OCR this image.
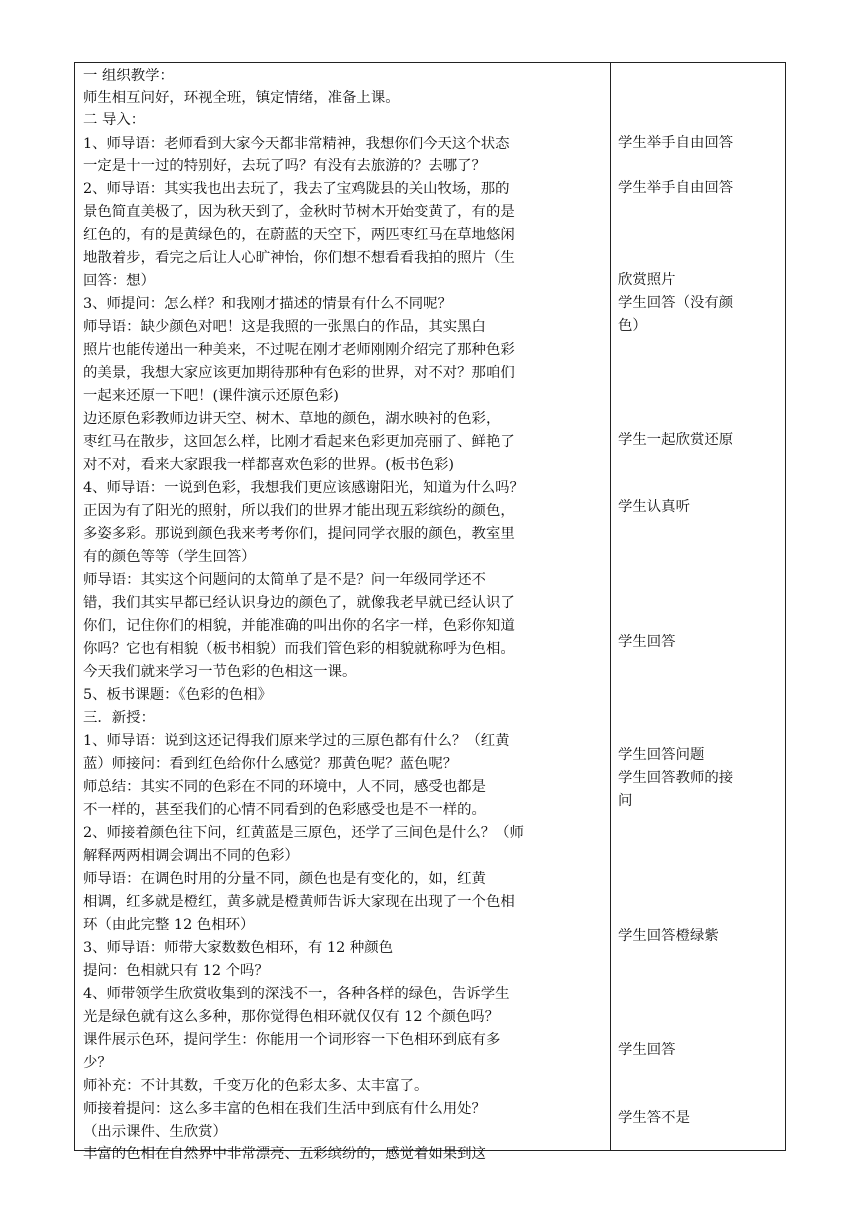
一 组织教学：
师生相互问好，环视全班，镇定情绪，准备上课。
二 导入：
1、师导语：老师看到大家今天都非常精神，我想你们今天这个状态
一定是十一过的特别好，去玩了吗？有没有去旅游的？去哪了？
2、师导语：其实我也出去玩了，我去了宝鸡陇县的关山牧场，那的
景色简直美极了，因为秋天到了，金秋时节树木开始变黄了，有的是
红色的，有的是黄绿色的，在蔚蓝的天空下，两匹枣红马在草地悠闲
地散着步，看完之后让人心旷神怡，你们想不想看看我拍的照片（生
回答：想）
3、师提问：怎么样？和我刚才描述的情景有什么不同呢？
师导语：缺少颜色对吧！这是我照的一张黑白的作品，其实黑白
照片也能传递出一种美来，不过呢在刚才老师刚刚介绍完了那种色彩
的美景，我想大家应该更加期待那种有色彩的世界，对不对？那咱们
一起来还原一下吧！(课件演示还原色彩)
边还原色彩教师边讲天空、树木、草地的颜色，湖水映衬的色彩，
枣红马在散步，这回怎么样，比刚才看起来色彩更加亮丽了、鲜艳了
对不对，看来大家跟我一样都喜欢色彩的世界。(板书色彩)
4、师导语：一说到色彩，我想我们更应该感谢阳光，知道为什么吗？
正因为有了阳光的照射，所以我们的世界才能出现五彩缤纷的颜色，
多姿多彩。那说到颜色我来考考你们，提问同学衣服的颜色，教室里
有的颜色等等（学生回答）
师导语：其实这个问题问的太简单了是不是？问一年级同学还不
错，我们其实早都已经认识身边的颜色了，就像我老早就已经认识了
你们，记住你们的相貌，并能准确的叫出你的名字一样，色彩你知道
你吗？它也有相貌（板书相貌）而我们管色彩的相貌就称呼为色相。
今天我们就来学习一节色彩的色相这一课。
5、板书课题：《色彩的色相》
三．新授：
1、师导语：说到这还记得我们原来学过的三原色都有什么？（红黄
蓝）师接问：看到红色给你什么感觉？那黄色呢？蓝色呢？
师总结：其实不同的色彩在不同的环境中，人不同，感受也都是
不一样的，甚至我们的心情不同看到的色彩感受也是不一样的。
2、师接着颜色往下问，红黄蓝是三原色，还学了三间色是什么？（师
解释两两相调会调出不同的色彩）
师导语：在调色时用的分量不同，颜色也是有变化的，如，红黄
相调，红多就是橙红，黄多就是橙黄师告诉大家现在出现了一个色相
环（由此完整 12 色相环）
3、师导语：师带大家数数色相环，有 12 种颜色
提问：色相就只有 12 个吗？
4、师带领学生欣赏收集到的深浅不一，各种各样的绿色，告诉学生
光是绿色就有这么多种，那你觉得色相环就仅仅有 12 个颜色吗？
课件展示色环，提问学生：你能用一个词形容一下色相环到底有多
少？
师补充：不计其数，千变万化的色彩太多、太丰富了。
师接着提问：这么多丰富的色相在我们生活中到底有什么用处？
（出示课件、生欣赏）
丰富的色相在自然界中非常漂亮、五彩缤纷的，感觉着如果到这
学生举手自由回答
学生举手自由回答
欣赏照片
学生回答（没有颜
色）
学生一起欣赏还原
学生认真听
学生回答
学生回答问题
学生回答教师的接
问
学生回答橙绿紫
学生回答
学生答不是
